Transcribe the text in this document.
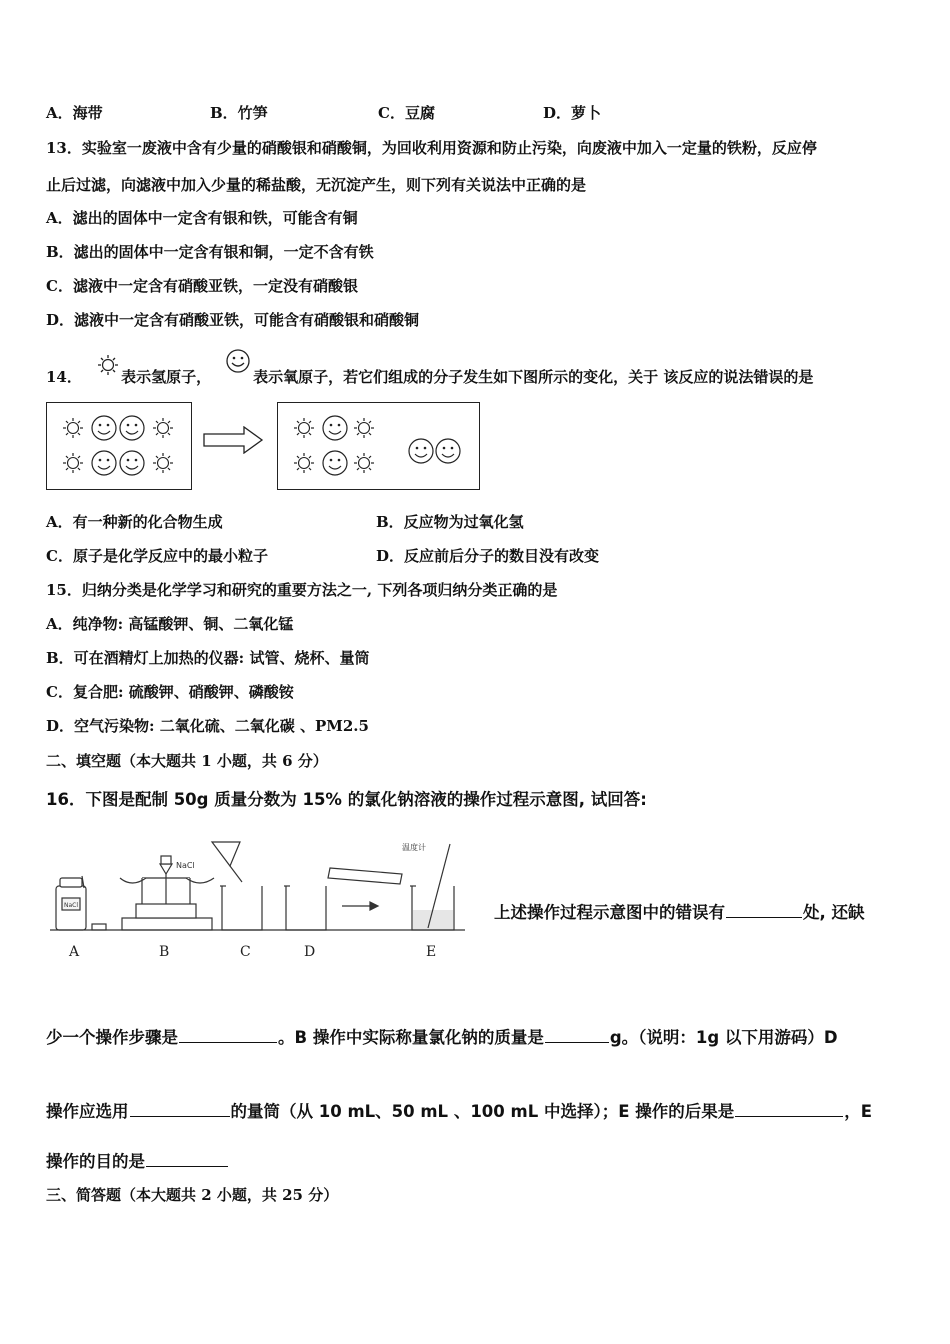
A．海带	B．竹笋	C．豆腐	D．萝卜
13．实验室一废液中含有少量的硝酸银和硝酸铜，为回收利用资源和防止污染，向废液中加入一定量的铁粉，反应停
止后过滤，向滤液中加入少量的稀盐酸，无沉淀产生，则下列有关说法中正确的是
A．滤出的固体中一定含有银和铁，可能含有铜
B．滤出的固体中一定含有银和铜，一定不含有铁
C．滤液中一定含有硝酸亚铁，一定没有硝酸银
D．滤液中一定含有硝酸亚铁，可能含有硝酸银和硝酸铜
14．	表示氢原子，	表示氧原子，若它们组成的分子发生如下图所示的变化，关于 该反应的说法错误的是
A．有一种新的化合物生成	B．反应物为过氧化氢
C．原子是化学反应中的最小粒子	D．反应前后分子的数目没有改变
15．归纳分类是化学学习和研究的重要方法之一, 下列各项归纳分类正确的是
A．纯净物: 高锰酸钾、铜、二氧化锰
B．可在酒精灯上加热的仪器: 试管、烧杯、量筒
C．复合肥: 硫酸钾、硝酸钾、磷酸铵
D．空气污染物: 二氧化硫、二氧化碳 、PM2.5
二、填空题（本大题共 1 小题，共 6 分）
16．下图是配制 50g 质量分数为 15% 的氯化钠溶液的操作过程示意图, 试回答:
NaCl
NaCl
温度计
A	B	C	D	E
上述操作过程示意图中的错误有	处, 还缺
少一个操作步骤是	。B 操作中实际称量氯化钠的质量是	g。（说明：1g 以下用游码）D
操作应选用	的量筒（从 10 mL、50 mL 、100 mL 中选择）；E 操作的后果是	，E
操作的目的是
三、简答题（本大题共 2 小题，共 25 分）
